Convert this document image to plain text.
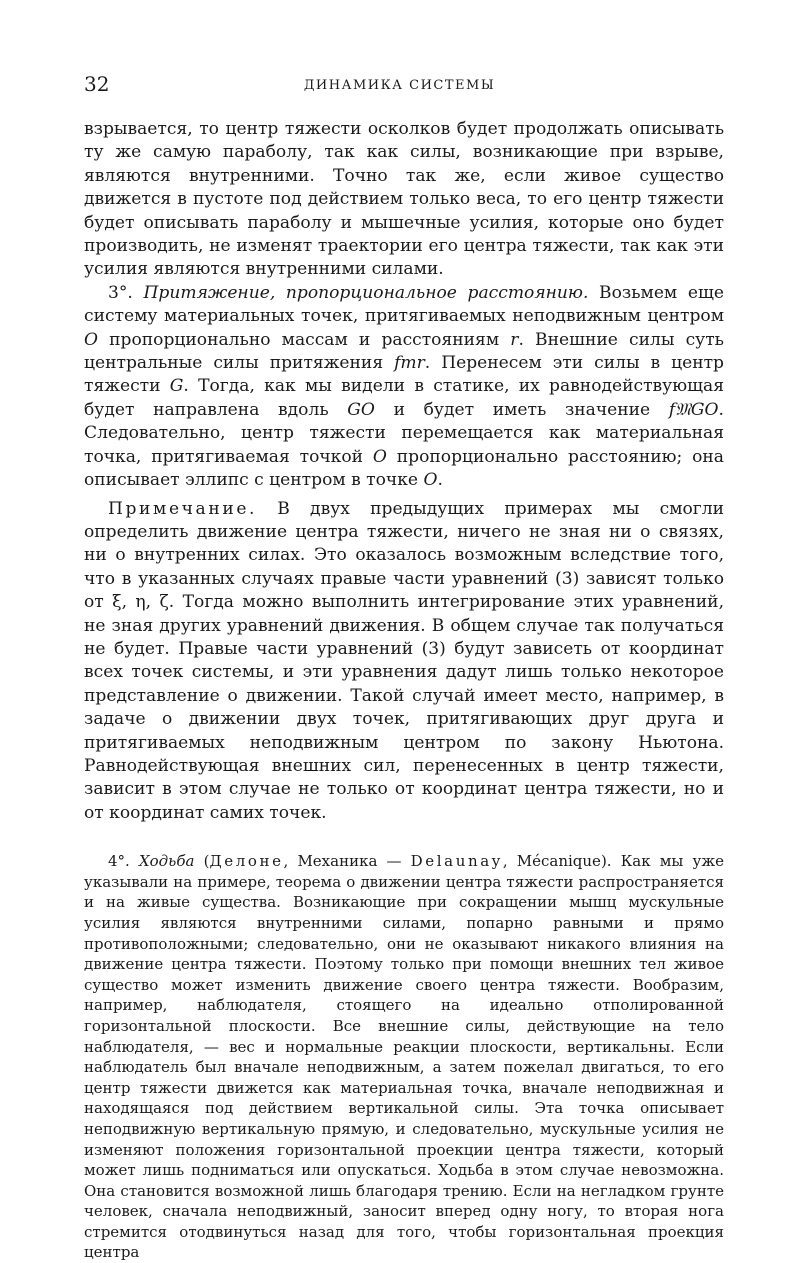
32	ДИНАМИКА СИСТЕМЫ

взрывается, то центр тяжести осколков будет продолжать описывать ту же самую параболу, так как силы, возникающие при взрыве, являются внутренними. Точно так же, если живое существо движется в пустоте под действием только веса, то его центр тяжести будет описывать параболу и мышечные усилия, которые оно будет производить, не изменят траектории его центра тяжести, так как эти усилия являются внутренними силами.

3°. Притяжение, пропорциональное расстоянию. Возьмем еще систему материальных точек, притягиваемых неподвижным центром O пропорционально массам и расстояниям r. Внешние силы суть центральные силы притяжения fmr. Перенесем эти силы в центр тяжести G. Тогда, как мы видели в статике, их равнодействующая будет направлена вдоль GO и будет иметь значение f𝔐GO. Следовательно, центр тяжести перемещается как материальная точка, притягиваемая точкой O пропорционально расстоянию; она описывает эллипс с центром в точке O.

Примечание. В двух предыдущих примерах мы смогли определить движение центра тяжести, ничего не зная ни о связях, ни о внутренних силах. Это оказалось возможным вследствие того, что в указанных случаях правые части уравнений (3) зависят только от ξ, η, ζ. Тогда можно выполнить интегрирование этих уравнений, не зная других уравнений движения. В общем случае так получаться не будет. Правые части уравнений (3) будут зависеть от координат всех точек системы, и эти уравнения дадут лишь только некоторое представление о движении. Такой случай имеет место, например, в задаче о движении двух точек, притягивающих друг друга и притягиваемых неподвижным центром по закону Ньютона. Равнодействующая внешних сил, перенесенных в центр тяжести, зависит в этом случае не только от координат центра тяжести, но и от координат самих точек.

4°. Ходьба (Делоне, Механика — Delaunay, Mécanique). Как мы уже указывали на примере, теорема о движении центра тяжести распространяется и на живые существа. Возникающие при сокращении мышц мускульные усилия являются внутренними силами, попарно равными и прямо противоположными; следовательно, они не оказывают никакого влияния на движение центра тяжести. Поэтому только при помощи внешних тел живое существо может изменить движение своего центра тяжести. Вообразим, например, наблюдателя, стоящего на идеально отполированной горизонтальной плоскости. Все внешние силы, действующие на тело наблюдателя, — вес и нормальные реакции плоскости, вертикальны. Если наблюдатель был вначале неподвижным, а затем пожелал двигаться, то его центр тяжести движется как материальная точка, вначале неподвижная и находящаяся под действием вертикальной силы. Эта точка описывает неподвижную вертикальную прямую, и следовательно, мускульные усилия не изменяют положения горизонтальной проекции центра тяжести, который может лишь подниматься или опускаться. Ходьба в этом случае невозможна. Она становится возможной лишь благодаря трению. Если на негладком грунте человек, сначала неподвижный, заносит вперед одну ногу, то вторая нога стремится отодвинуться назад для того, чтобы горизонтальная проекция центра
